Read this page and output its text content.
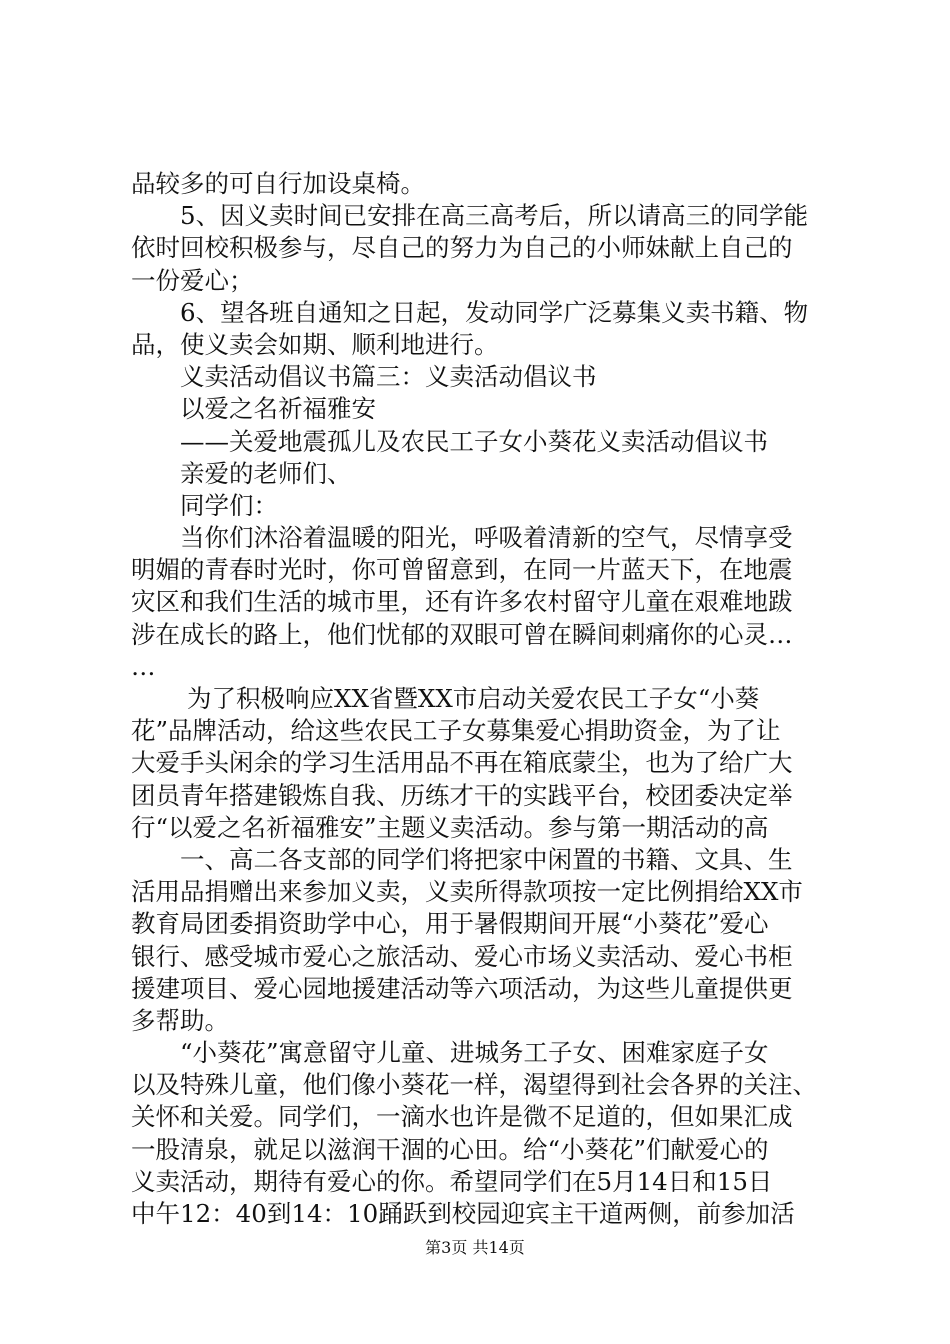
品较多的可自行加设桌椅。
5、因义卖时间已安排在高三高考后，所以请高三的同学能
依时回校积极参与，尽自己的努力为自己的小师妹献上自己的
一份爱心；
6、望各班自通知之日起，发动同学广泛募集义卖书籍、物
品，使义卖会如期、顺利地进行。
义卖活动倡议书篇三：义卖活动倡议书
以爱之名祈福雅安
——关爱地震孤儿及农民工子女小葵花义卖活动倡议书
亲爱的老师们、
同学们：
当你们沐浴着温暖的阳光，呼吸着清新的空气，尽情享受
明媚的青春时光时，你可曾留意到，在同一片蓝天下，在地震
灾区和我们生活的城市里，还有许多农村留守儿童在艰难地跋
涉在成长的路上，他们忧郁的双眼可曾在瞬间刺痛你的心灵…
…
为了积极响应XX省暨XX市启动关爱农民工子女“小葵
花”品牌活动，给这些农民工子女募集爱心捐助资金，为了让
大爱手头闲余的学习生活用品不再在箱底蒙尘，也为了给广大
团员青年搭建锻炼自我、历练才干的实践平台，校团委决定举
行“以爱之名祈福雅安”主题义卖活动。参与第一期活动的高
一、高二各支部的同学们将把家中闲置的书籍、文具、生
活用品捐赠出来参加义卖，义卖所得款项按一定比例捐给XX市
教育局团委捐资助学中心，用于暑假期间开展“小葵花”爱心
银行、感受城市爱心之旅活动、爱心市场义卖活动、爱心书柜
援建项目、爱心园地援建活动等六项活动，为这些儿童提供更
多帮助。
“小葵花”寓意留守儿童、进城务工子女、困难家庭子女
以及特殊儿童，他们像小葵花一样，渴望得到社会各界的关注、
关怀和关爱。同学们，一滴水也许是微不足道的，但如果汇成
一股清泉，就足以滋润干涸的心田。给“小葵花”们献爱心的
义卖活动，期待有爱心的你。希望同学们在5月14日和15日
中午12：40到14：10踊跃到校园迎宾主干道两侧，前参加活
第3页 共14页
